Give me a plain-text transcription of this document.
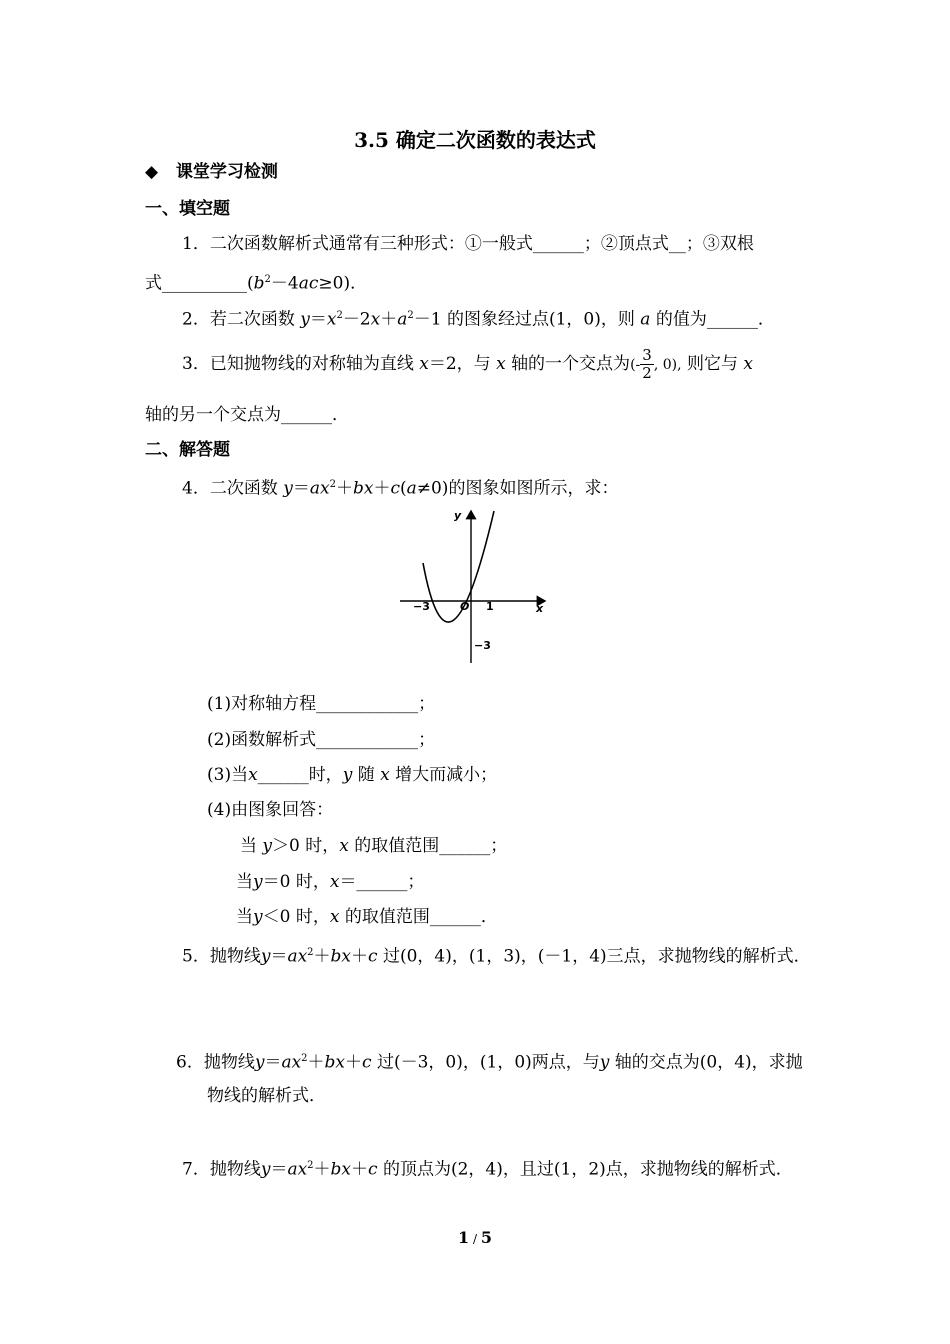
3.5 确定二次函数的表达式
◆ 课堂学习检测
一、填空题
1．二次函数解析式通常有三种形式：①一般式______；②顶点式__；③双根
式$\_\_\_\_\_\_\_\_\_\_(b^2-4ac\ge 0)$．
2．若二次函数 $y=x^2-2x+a^2-1$ 的图象经过点(1，0)，则 a 的值为______．
3．已知抛物线的对称轴为直线 x＝2，与 x 轴的一个交点为(- $\frac{3}{2}$ , 0), 则它与 x
轴的另一个交点为______．
二、解答题
4．二次函数 $y=ax^2+bx+c(a\ne 0)$的图象如图所示，求：
y
x
O
−3	1
−3
(1)对称轴方程____________；
(2)函数解析式____________；
(3)当x______时，y 随 x 增大而减小；
(4)由图象回答：
当 y＞0 时，x 的取值范围______；
当y＝0 时，x＝______；
当y＜0 时，x 的取值范围______．
5．抛物线$y=ax^2+bx+c$ 过(0，4)，(1，3)，(－1，4)三点，求抛物线的解析式．
6．抛物线$y=ax^2+bx+c$ 过(－3，0)，(1，0)两点，与y 轴的交点为(0，4)，求抛
物线的解析式．
7．抛物线$y=ax^2+bx+c$ 的顶点为(2，4)，且过(1，2)点，求抛物线的解析式．
1 / 5
